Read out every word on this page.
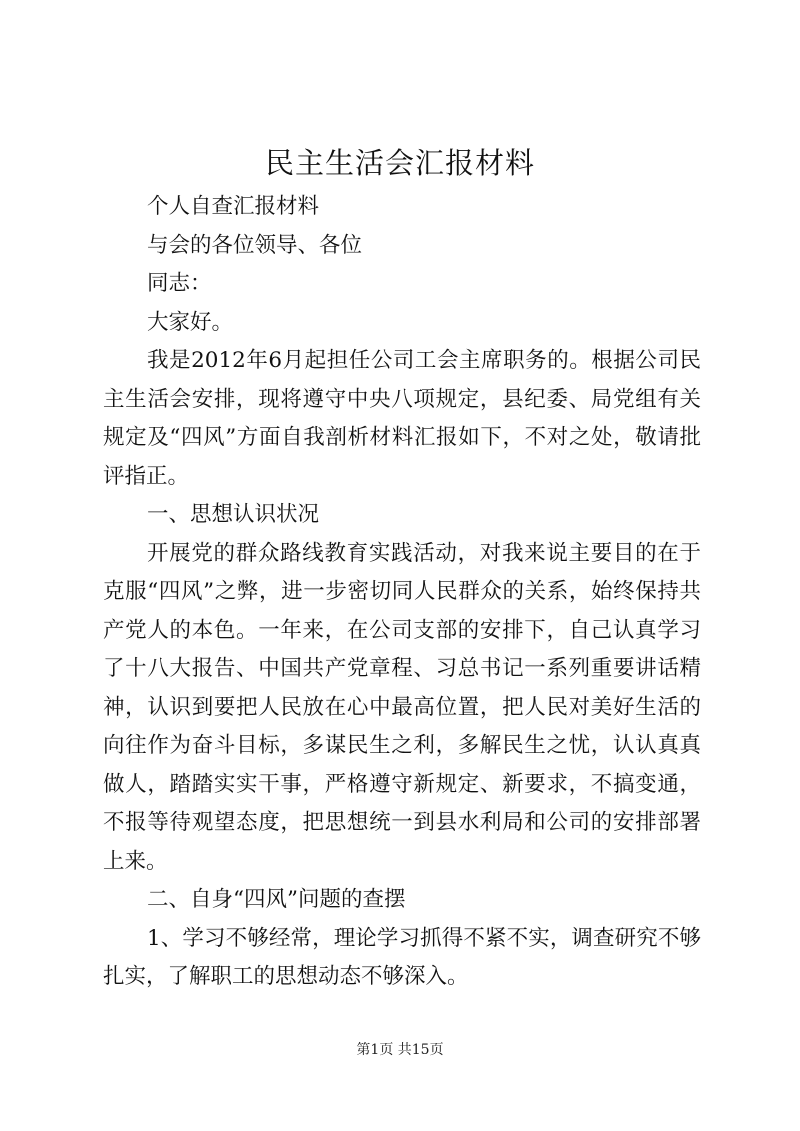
民主生活会汇报材料

个人自查汇报材料

与会的各位领导、各位

同志：

大家好。

我是2012年6月起担任公司工会主席职务的。根据公司民主生活会安排，现将遵守中央八项规定，县纪委、局党组有关规定及“四风”方面自我剖析材料汇报如下，不对之处，敬请批评指正。

一、思想认识状况

开展党的群众路线教育实践活动，对我来说主要目的在于克服“四风”之弊，进一步密切同人民群众的关系，始终保持共产党人的本色。一年来，在公司支部的安排下，自己认真学习了十八大报告、中国共产党章程、习总书记一系列重要讲话精神，认识到要把人民放在心中最高位置，把人民对美好生活的向往作为奋斗目标，多谋民生之利，多解民生之忧，认认真真做人，踏踏实实干事，严格遵守新规定、新要求，不搞变通，不报等待观望态度，把思想统一到县水利局和公司的安排部署上来。

二、自身“四风”问题的查摆

1、学习不够经常，理论学习抓得不紧不实，调查研究不够扎实，了解职工的思想动态不够深入。

第1页 共15页
